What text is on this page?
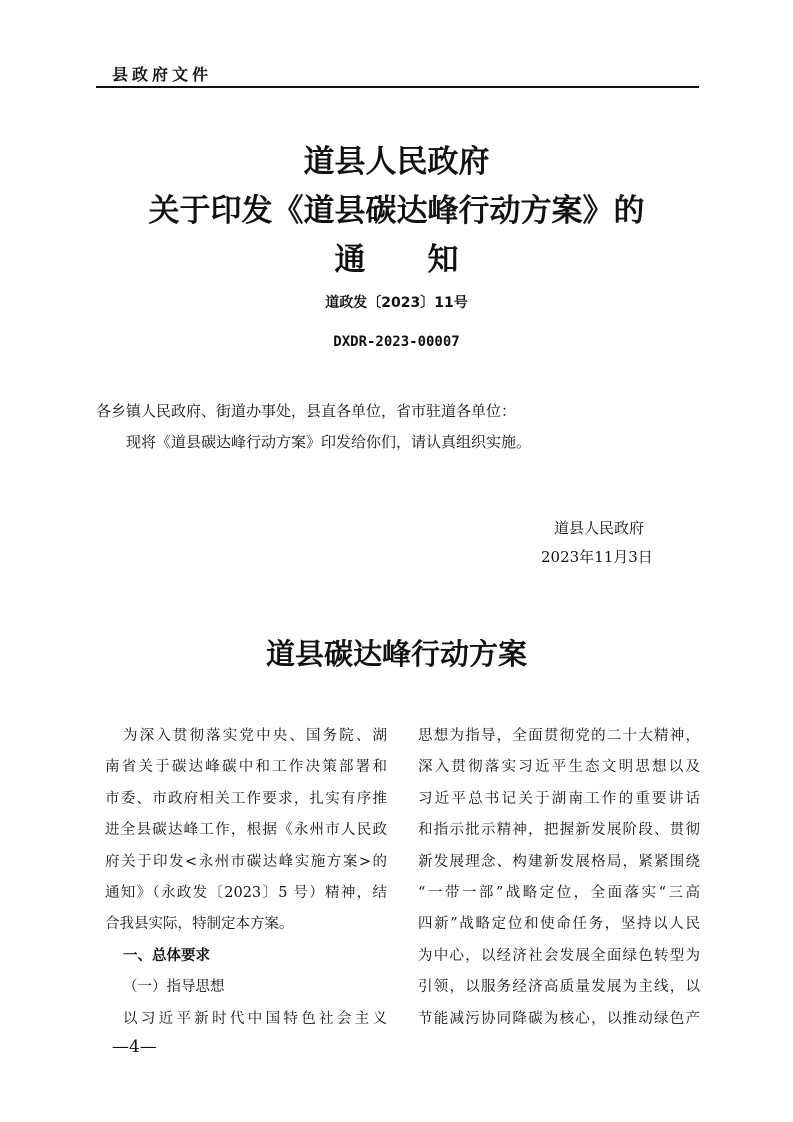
县政府文件
道县人民政府
关于印发《道县碳达峰行动方案》的
通 知
道政发〔2023〕11号
DXDR-2023-00007
各乡镇人民政府、街道办事处，县直各单位，省市驻道各单位：
现将《道县碳达峰行动方案》印发给你们，请认真组织实施。
道县人民政府
2023年11月3日
道县碳达峰行动方案

为深入贯彻落实党中央、国务院、湖

南省关于碳达峰碳中和工作决策部署和

市委、市政府相关工作要求，扎实有序推

进全县碳达峰工作，根据《永州市人民政

府关于印发<永州市碳达峰实施方案>的

通知》（永政发〔2023〕5 号）精神，结

合我县实际，特制定本方案。

一、总体要求

（一）指导思想

以习近平新时代中国特色社会主义

思想为指导，全面贯彻党的二十大精神，

深入贯彻落实习近平生态文明思想以及

习近平总书记关于湖南工作的重要讲话

和指示批示精神，把握新发展阶段、贯彻

新发展理念、构建新发展格局，紧紧围绕

“一带一部”战略定位，全面落实“三高

四新”战略定位和使命任务，坚持以人民

为中心，以经济社会发展全面绿色转型为

引领，以服务经济高质量发展为主线，以

节能减污协同降碳为核心，以推动绿色产

—4—
